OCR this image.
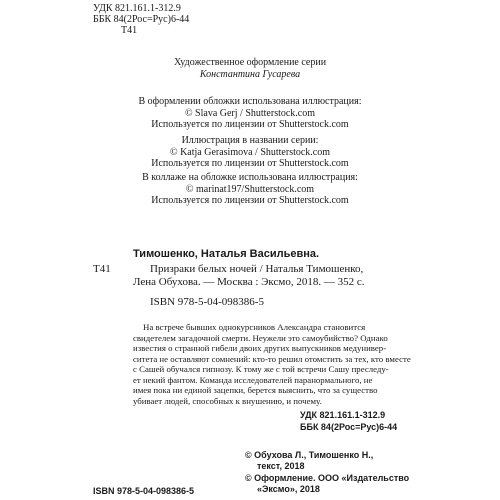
УДК 821.161.1-312.9
ББК 84(2Рос=Рус)6-44
Т41
Художественное оформление серии
Константина Гусарева
В оформлении обложки использована иллюстрация:
© Slava Gerj / Shutterstock.com
Используется по лицензии от Shutterstock.com
Иллюстрация в названии серии:
© Katja Gerasimova / Shutterstock.com
Используется по лицензии от Shutterstock.com
В коллаже на обложке использована иллюстрация:
© marinat197/Shutterstock.com
Используется по лицензии от Shutterstock.com
Тимошенко, Наталья Васильевна.
Т41	Призраки белых ночей / Наталья Тимошенко,
Лена Обухова. — Москва : Эксмо, 2018. — 352 с.
ISBN 978-5-04-098386-5
На встрече бывших однокурсников Александра становится
свидетелем загадочной смерти. Неужели это самоубийство? Однако
известия о странной гибели двоих других выпускников медунивер-
ситета не оставляют сомнений: кто-то решил отомстить за тех, кто вместе
с Сашей обучался гипнозу. К тому же с той встречи Сашу преследу-
ет некий фантом. Команда исследователей паранормального, не
имея пока ни единой зацепки, берется выяснить, что за существо
убивает людей, способных к внушению, и почему.
УДК 821.161.1-312.9
ББК 84(2Рос=Рус)6-44
© Обухова Л., Тимошенко Н.,
текст, 2018
© Оформление. ООО «Издательство
«Эксмо», 2018
ISBN 978-5-04-098386-5
